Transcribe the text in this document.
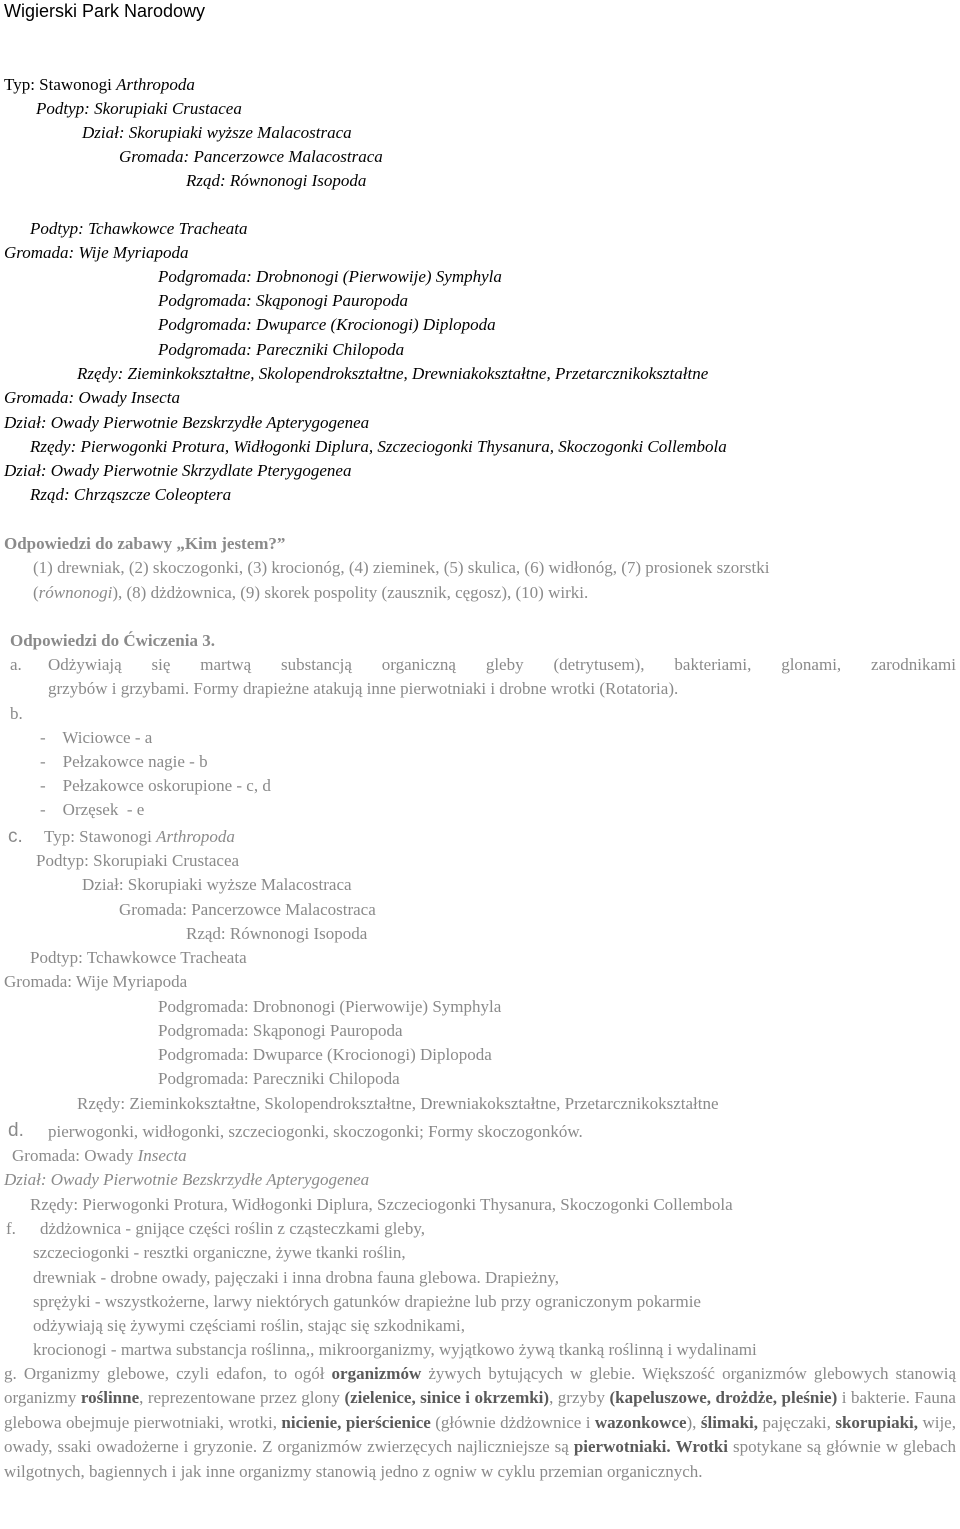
Wigierski Park Narodowy
Typ: Stawonogi Arthropoda
Podtyp: Skorupiaki Crustacea
Dział: Skorupiaki wyższe Malacostraca
Gromada: Pancerzowce Malacostraca
Rząd: Równonogi Isopoda
Podtyp: Tchawkowce Tracheata
Gromada: Wije Myriapoda
Podgromada: Drobnonogi (Pierwowije) Symphyla
Podgromada: Skąponogi Pauropoda
Podgromada: Dwuparce (Krocionogi) Diplopoda
Podgromada: Pareczniki Chilopoda
Rzędy: Zieminkokształtne, Skolopendrokształtne, Drewniakokształtne, Przetarcznikokształtne
Gromada: Owady Insecta
Dział: Owady Pierwotnie Bezskrzydłe Apterygogenea
Rzędy: Pierwogonki Protura, Widłogonki Diplura, Szczeciogonki Thysanura, Skoczogonki Collembola
Dział: Owady Pierwotnie Skrzydlate Pterygogenea
Rząd: Chrząszcze Coleoptera
Odpowiedzi do zabawy „Kim jestem?”
(1) drewniak, (2) skoczogonki, (3) krocionóg, (4) zieminek, (5) skulica, (6) widłonóg, (7) prosionek szorstki
(równonogi), (8) dżdżownica, (9) skorek pospolity (zausznik, cęgosz), (10) wirki.
Odpowiedzi do Ćwiczenia 3.
a. Odżywiają się martwą substancją organiczną gleby (detrytusem), bakteriami, glonami, zarodnikami
grzybów i grzybami. Formy drapieżne atakują inne pierwotniaki i drobne wrotki (Rotatoria).
b.
-    Wiciowce - a
-    Pełzakowce nagie - b
-    Pełzakowce oskorupione - c, d
-    Orzęsek  - e
c. Typ: Stawonogi Arthropoda
Podtyp: Skorupiaki Crustacea
Dział: Skorupiaki wyższe Malacostraca
Gromada: Pancerzowce Malacostraca
Rząd: Równonogi Isopoda
Podtyp: Tchawkowce Tracheata
Gromada: Wije Myriapoda
Podgromada: Drobnonogi (Pierwowije) Symphyla
Podgromada: Skąponogi Pauropoda
Podgromada: Dwuparce (Krocionogi) Diplopoda
Podgromada: Pareczniki Chilopoda
Rzędy: Zieminkokształtne, Skolopendrokształtne, Drewniakokształtne, Przetarcznikokształtne
d. pierwogonki, widłogonki, szczeciogonki, skoczogonki; Formy skoczogonków.
Gromada: Owady Insecta
Dział: Owady Pierwotnie Bezskrzydłe Apterygogenea
Rzędy: Pierwogonki Protura, Widłogonki Diplura, Szczeciogonki Thysanura, Skoczogonki Collembola
f. dżdżownica - gnijące części roślin z cząsteczkami gleby,
szczeciogonki - resztki organiczne, żywe tkanki roślin,
drewniak - drobne owady, pajęczaki i inna drobna fauna glebowa. Drapieżny,
sprężyki - wszystkożerne, larwy niektórych gatunków drapieżne lub przy ograniczonym pokarmie
odżywiają się żywymi częściami roślin, stając się szkodnikami,
krocionogi - martwa substancja roślinna,, mikroorganizmy, wyjątkowo żywą tkanką roślinną i wydalinami
g. Organizmy glebowe, czyli edafon, to ogół organizmów żywych bytujących w glebie. Większość organizmów glebowych stanowią organizmy roślinne, reprezentowane przez glony (zielenice, sinice i okrzemki), grzyby (kapeluszowe, drożdże, pleśnie) i bakterie. Fauna glebowa obejmuje pierwotniaki, wrotki, nicienie, pierścienice (głównie dżdżownice i wazonkowce), ślimaki, pajęczaki, skorupiaki, wije, owady, ssaki owadożerne i gryzonie. Z organizmów zwierzęcych najliczniejsze są pierwotniaki. Wrotki spotykane są głównie w glebach wilgotnych, bagiennych i jak inne organizmy stanowią jedno z ogniw w cyklu przemian organicznych.
